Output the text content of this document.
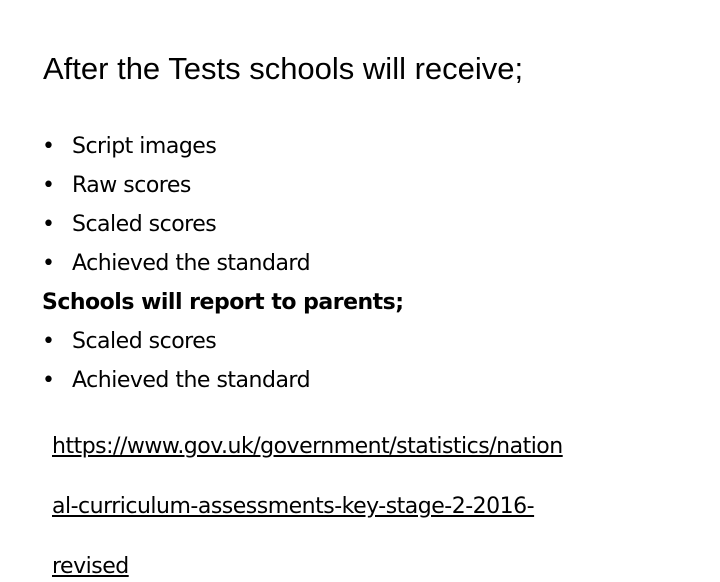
After the Tests schools will receive;
• Script images
• Raw scores
• Scaled scores
• Achieved the standard
Schools will report to parents;
• Scaled scores
• Achieved the standard

https://www.gov.uk/government/statistics/nation

al-curriculum-assessments-key-stage-2-2016-

revised
